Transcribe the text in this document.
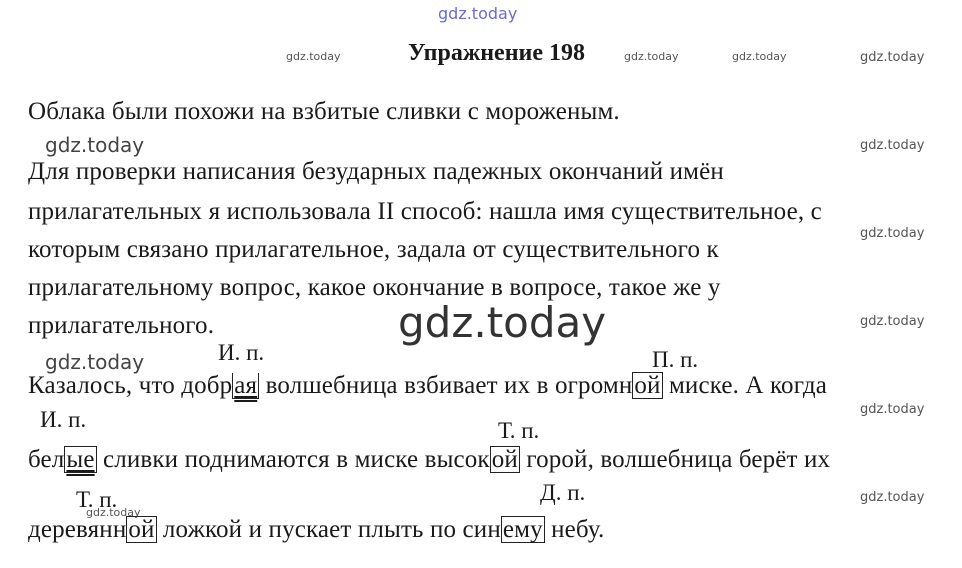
gdz.today
gdz.today	gdz.today	gdz.today	gdz.today
gdz.today	gdz.today
gdz.today
gdz.today	gdz.today
gdz.today
gdz.today
gdz.today
gdz.today
Упражнение 198
Облака были похожи на взбитые сливки с мороженым.
Для проверки написания безударных падежных окончаний имён
прилагательных я использовала II способ: нашла имя существительное, с
которым связано прилагательное, задала от существительного к
прилагательному вопрос, какое окончание в вопросе, такое же у
прилагательного.
И. п.	П. п.
И. п.	Т. п.
Т. п.	Д. п.
Казалось, что добрая волшебница взбивает их в огромной миске. А когда
белые сливки поднимаются в миске высокой горой, волшебница берёт их
деревянной ложкой и пускает плыть по синему небу.
